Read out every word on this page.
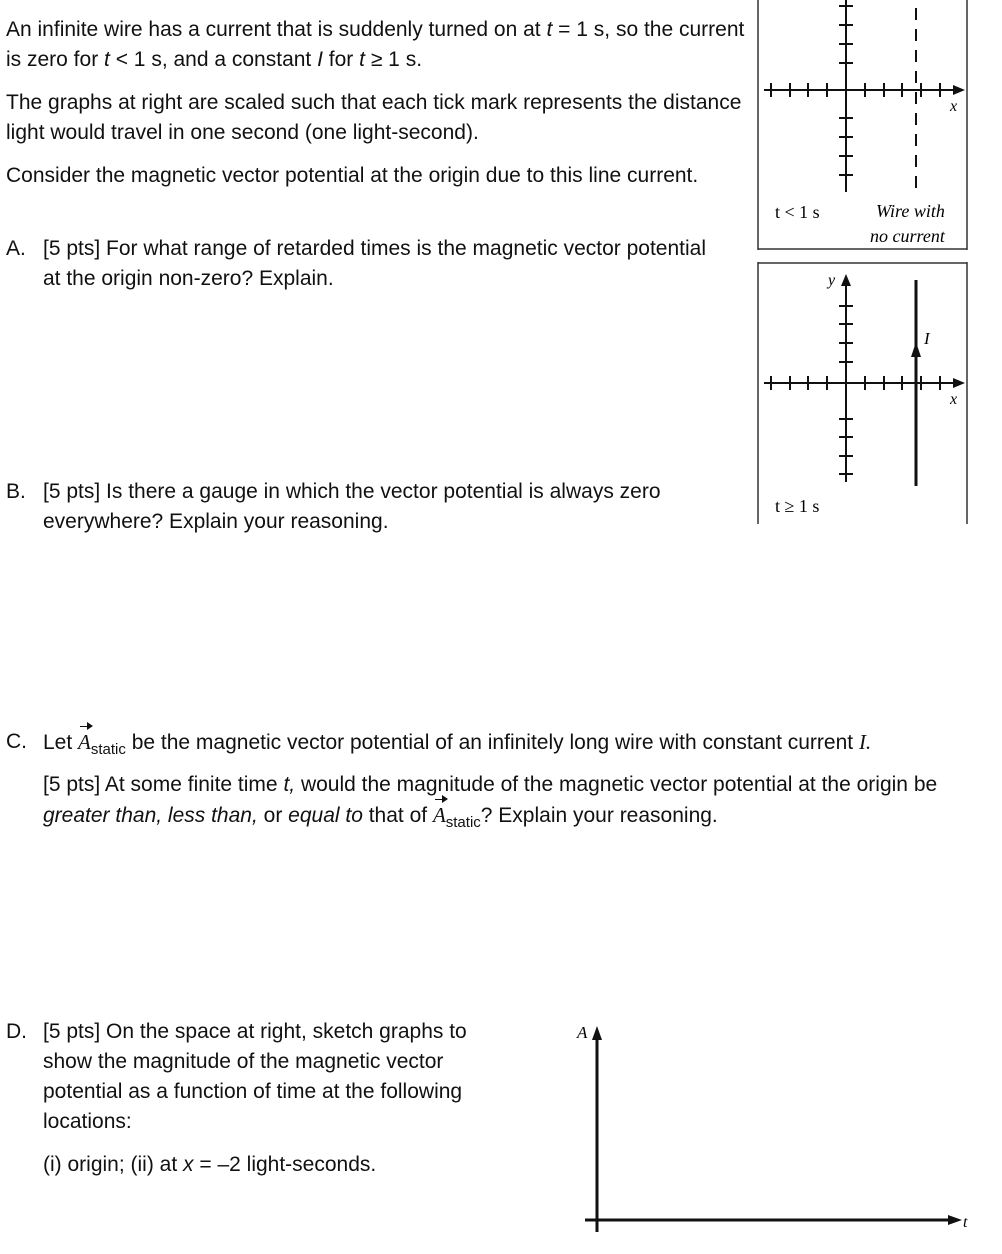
An infinite wire has a current that is suddenly turned on at t = 1 s, so the current is zero for t < 1 s, and a constant I for t ≥ 1 s.
The graphs at right are scaled such that each tick mark represents the distance light would travel in one second (one light-second).
Consider the magnetic vector potential at the origin due to this line current.
A. [5 pts] For what range of retarded times is the magnetic vector potential at the origin non-zero? Explain.
B. [5 pts] Is there a gauge in which the vector potential is always zero everywhere? Explain your reasoning.
C. Let $A_{static}$ be the magnetic vector potential of an infinitely long wire with constant current I.
[5 pts] At some finite time t, would the magnitude of the magnetic vector potential at the origin be greater than, less than, or equal to that of $A_{static}$? Explain your reasoning.
D. [5 pts] On the space at right, sketch graphs to show the magnitude of the magnetic vector potential as a function of time at the following locations:
(i) origin; (ii) at x = –2 light-seconds.
x
t < 1 s	Wire with
no current
y
x
I
t ≥ 1 s
A
t
